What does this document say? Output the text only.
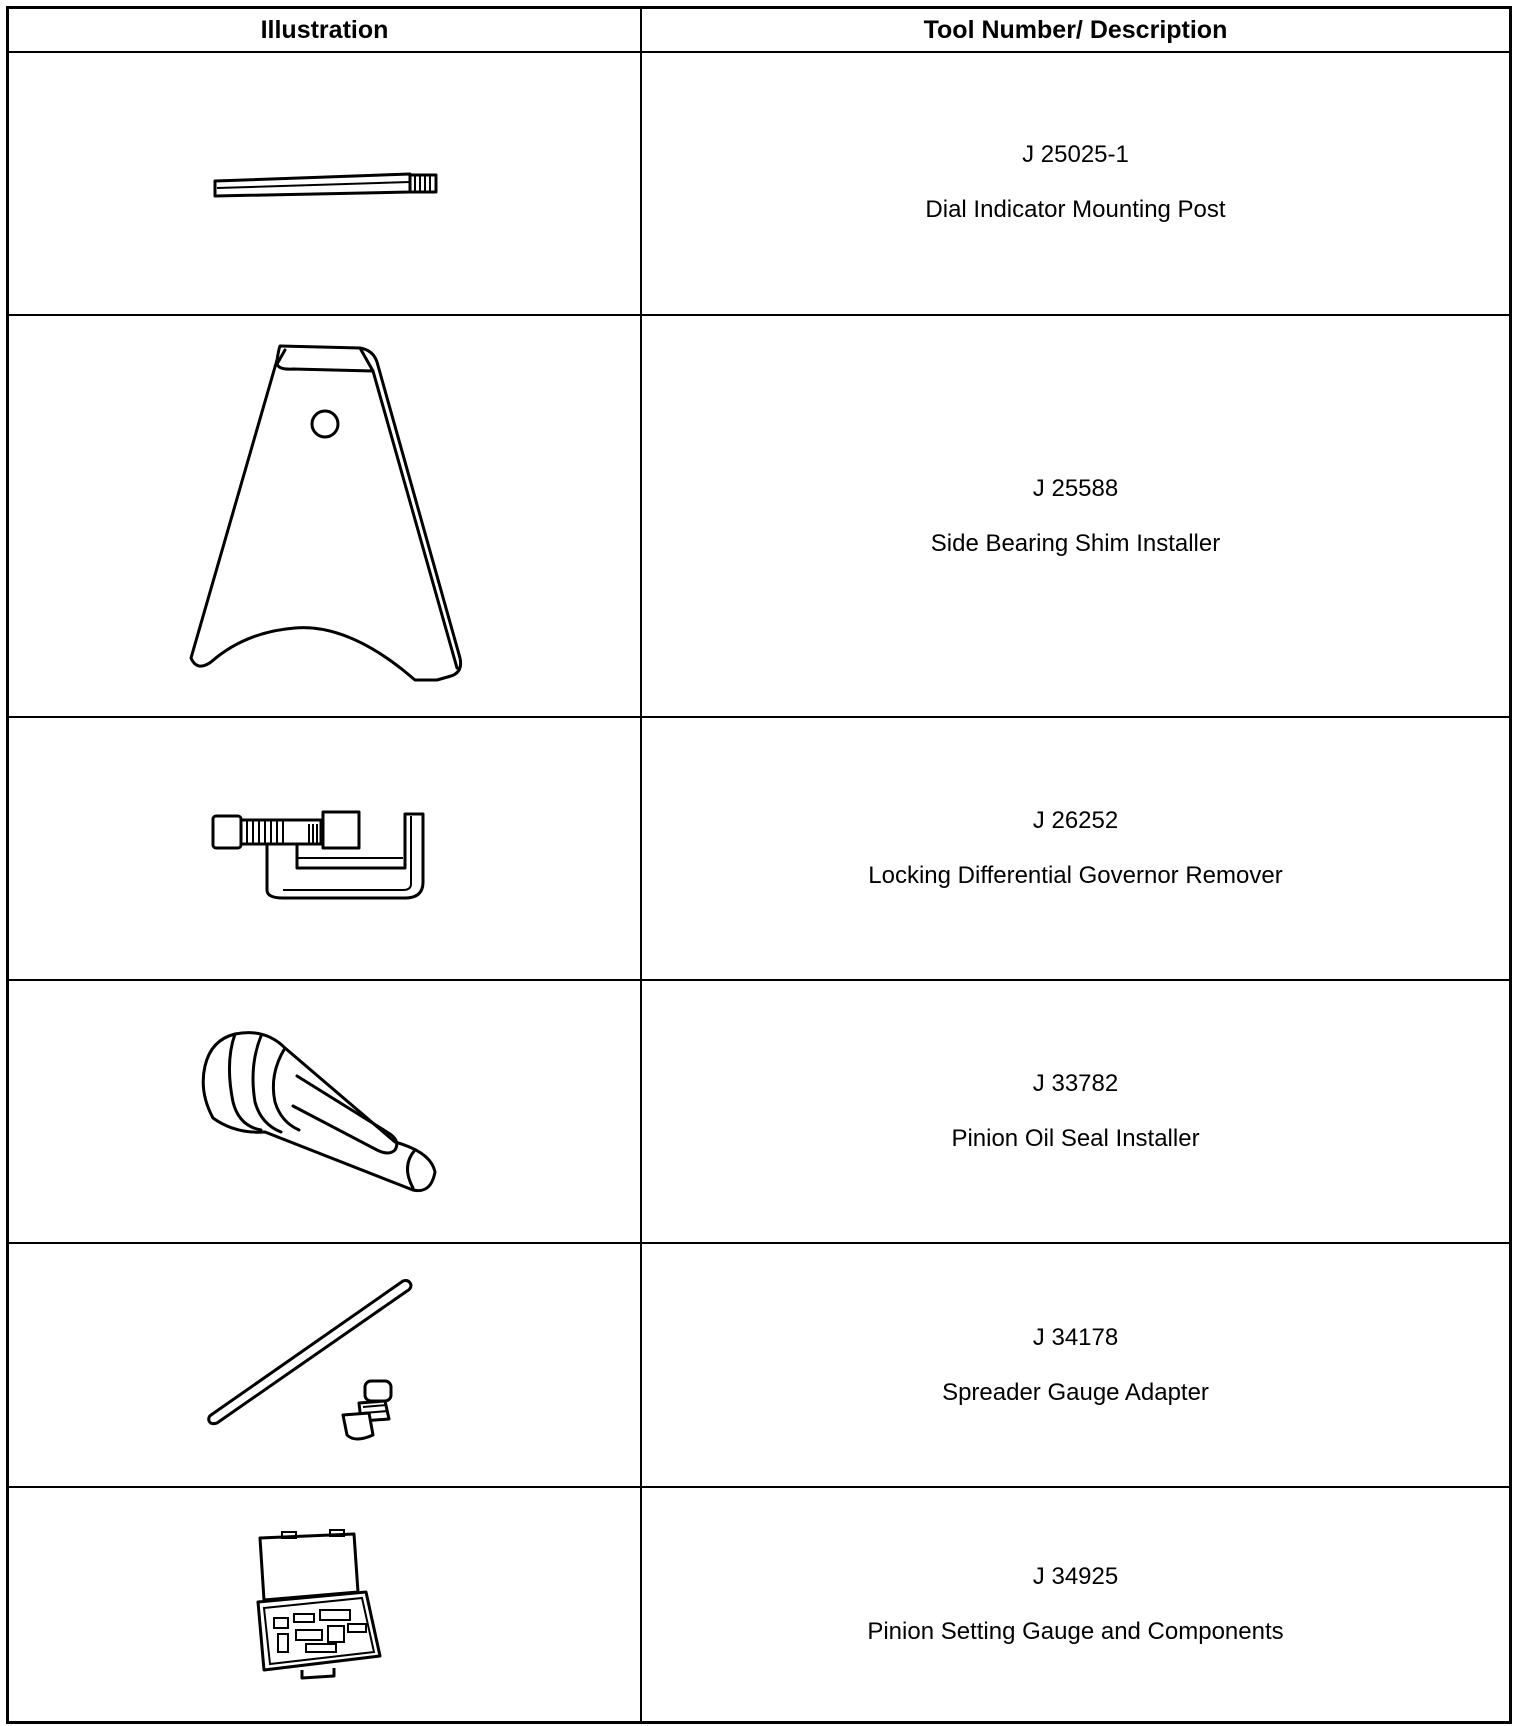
Illustration	Tool Number/ Description
J 25025-1
Dial Indicator Mounting Post
J 25588
Side Bearing Shim Installer
J 26252
Locking Differential Governor Remover
J 33782
Pinion Oil Seal Installer
J 34178
Spreader Gauge Adapter
J 34925
Pinion Setting Gauge and Components
